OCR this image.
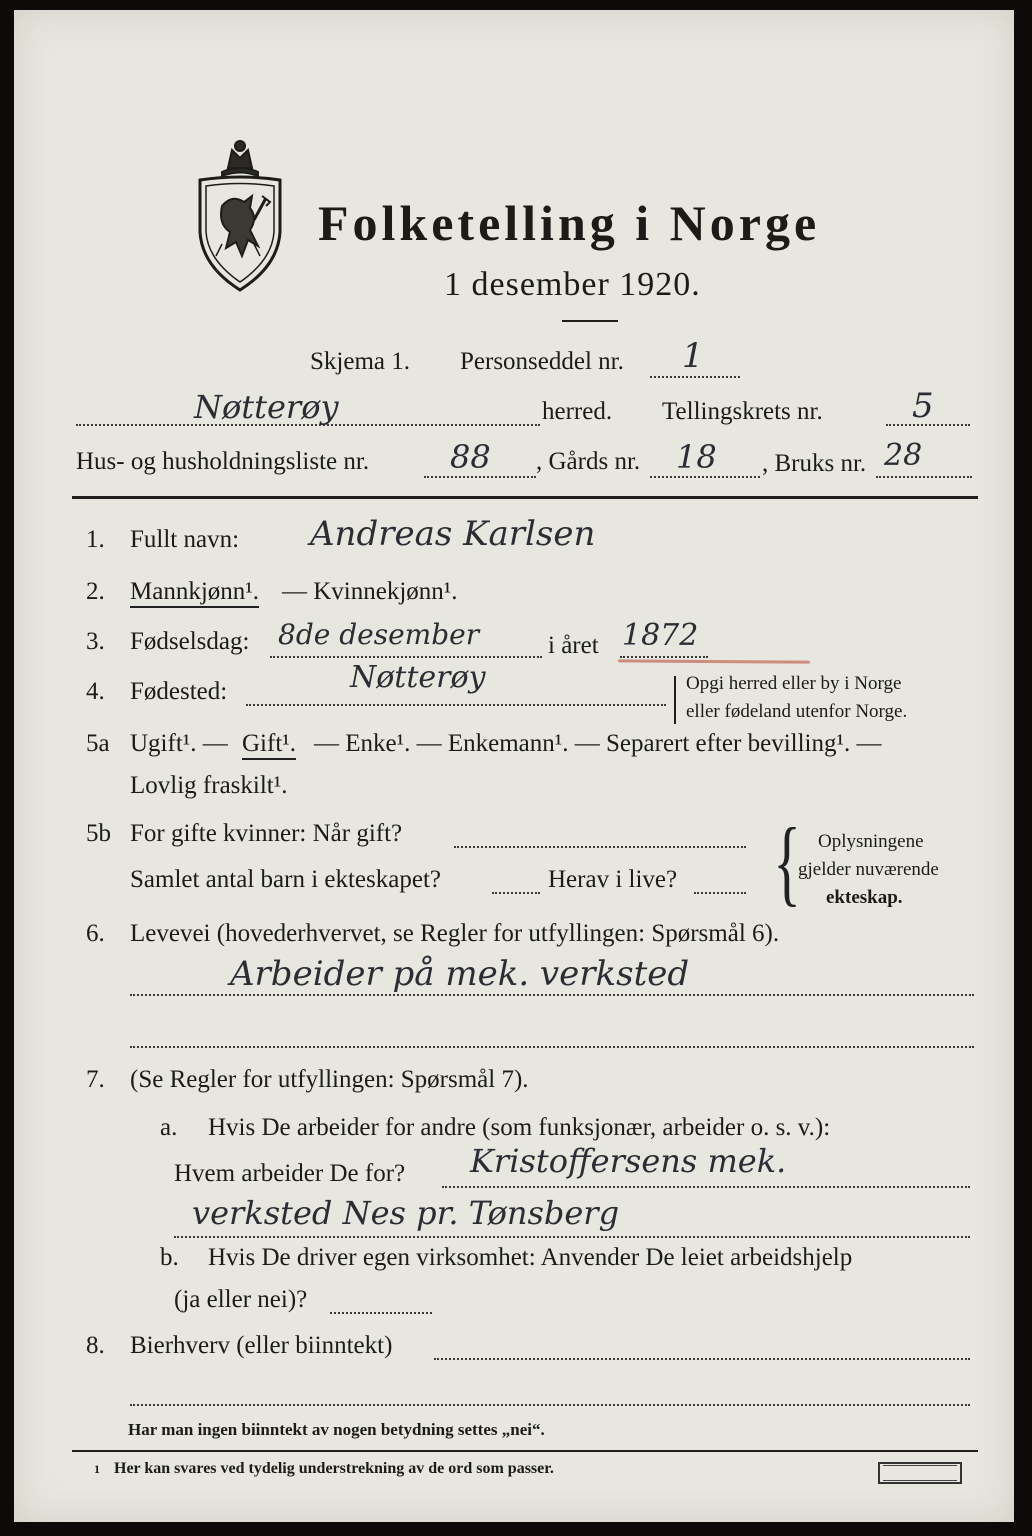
Folketelling i Norge
1 desember 1920.
Skjema 1. Personseddel nr. 1
Nøtterøy	herred. Tellingskrets nr.	5
Hus- og husholdningsliste nr.	88 , Gårds nr. 18 , Bruks nr. 28
1. Fullt navn: Andreas Karlsen
2. Mannkjønn¹. — Kvinnekjønn¹.
3. Fødselsdag: 8de desember	i året 1872
4. Fødested:	Nøtterøy	Opgi herred eller by i Norge
eller fødeland utenfor Norge.
5a Ugift¹. — Gift¹. — Enke¹. — Enkemann¹. — Separert efter bevilling¹. —
Lovlig fraskilt¹.
5b For gifte kvinner: Når gift?
Samlet antal barn i ekteskapet?	Herav i live? { Oplysningene
gjelder nuværende
ekteskap.
6. Levevei (hovederhvervet, se Regler for utfyllingen: Spørsmål 6).
Arbeider på mek. verksted
7. (Se Regler for utfyllingen: Spørsmål 7).
a. Hvis De arbeider for andre (som funksjonær, arbeider o. s. v.):
Hvem arbeider De for? Kristoffersens mek.
verksted Nes pr. Tønsberg
b. Hvis De driver egen virksomhet: Anvender De leiet arbeidshjelp
(ja eller nei)?
8. Bierhverv (eller biinntekt)
Har man ingen biinntekt av nogen betydning settes „nei“.
1 Her kan svares ved tydelig understrekning av de ord som passer.
